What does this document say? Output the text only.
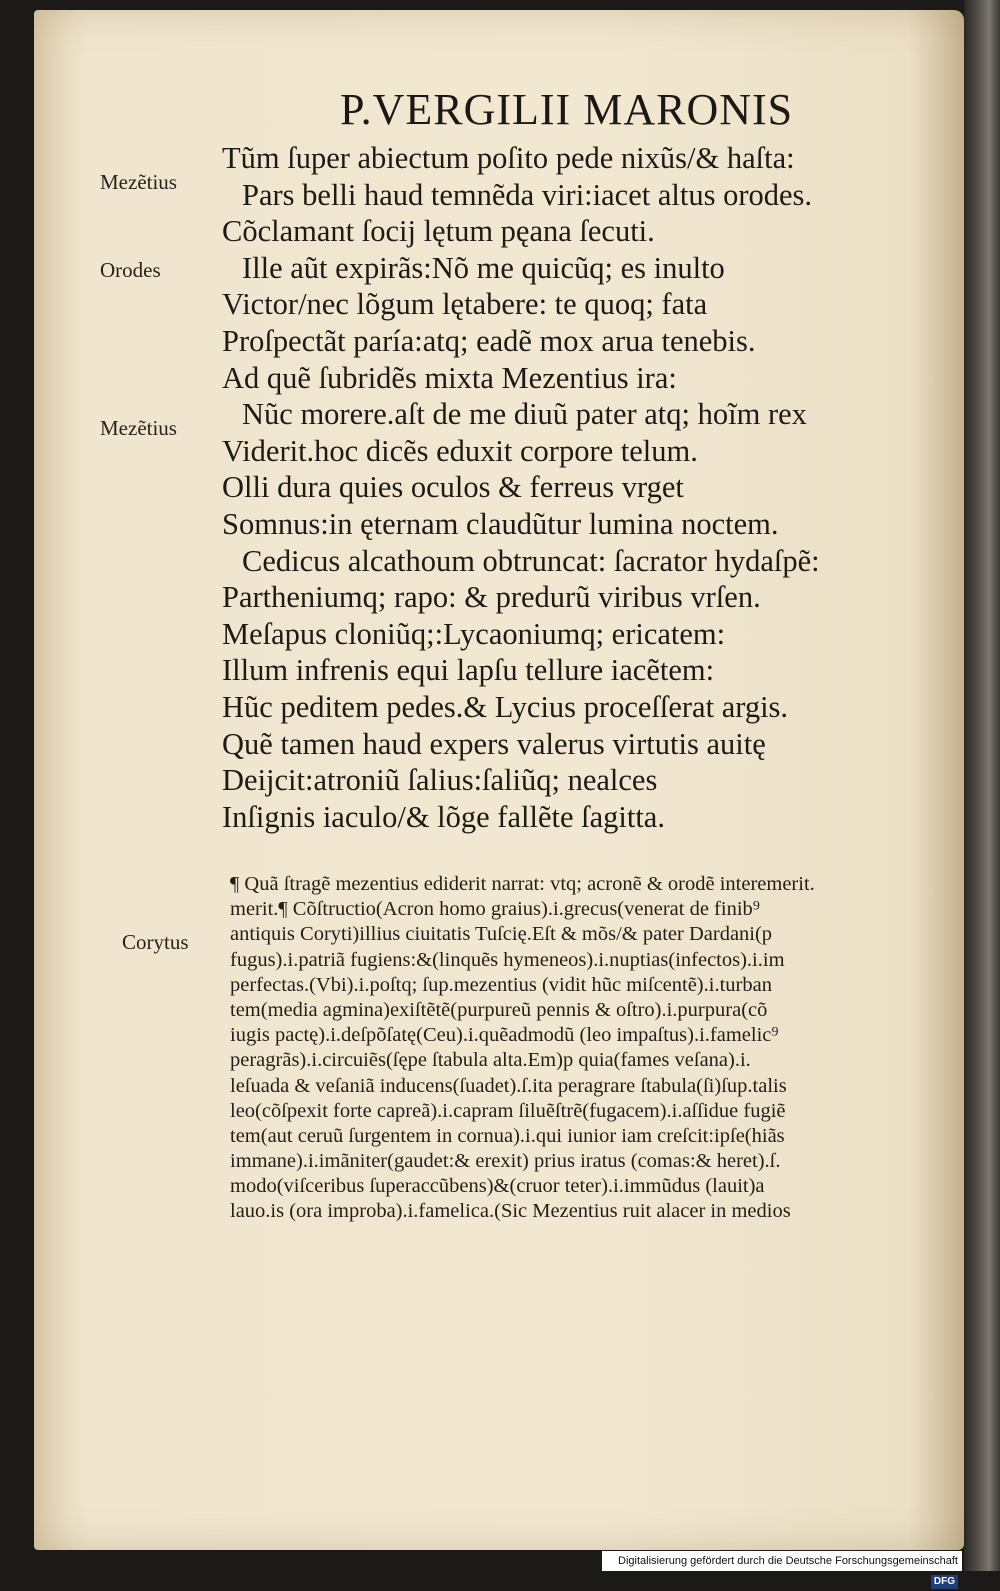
P.VERGILII MARONIS
Mezẽtius
Orodes
Mezẽtius
Corytus
Tũm ſuper abiectum poſito pede nixũs/& haſta:
Pars belli haud temnẽda viri:iacet altus orodes.
Cõclamant ſocij lętum pęana ſecuti.
Ille aũt expirãs:Nõ me quicũq; es inulto
Victor/nec lõgum lętabere: te quoq; fata
Proſpectãt paría:atq; eadẽ mox arua tenebis.
Ad quẽ ſubridẽs mixta Mezentius ira:
Nũc morere.aſt de me diuũ pater atq; hoĩm rex
Viderit.hoc dicẽs eduxit corpore telum.
Olli dura quies oculos & ferreus vrget
Somnus:in ęternam claudũtur lumina noctem.
Cedicus alcathoum obtruncat: ſacrator hydaſpẽ:
Partheniumq; rapo: & predurũ viribus vrſen.
Meſapus cloniũq;:Lycaoniumq; ericatem:
Illum infrenis equi lapſu tellure iacẽtem:
Hũc peditem pedes.& Lycius proceſſerat argis.
Quẽ tamen haud expers valerus virtutis auitę
Deijcit:atroniũ ſalius:ſaliũq; nealces
Inſignis iaculo/& lõge fallẽte ſagitta.
¶ Quã ſtragẽ mezentius ediderit narrat: vtq; acronẽ & orodẽ interemerit.
merit.¶ Cõſtructio(Acron homo graius).i.grecus(venerat de finib⁹
antiquis Coryti)illius ciuitatis Tuſcię.Eſt & mõs/& pater Dardani(p
fugus).i.patriã fugiens:&(linquẽs hymeneos).i.nuptias(infectos).i.im
perfectas.(Vbi).i.poſtq; ſup.mezentius (vidit hũc miſcentẽ).i.turban
tem(media agmina)exiſtẽtẽ(purpureũ pennis & oſtro).i.purpura(cõ
iugis pactę).i.deſpõſatę(Ceu).i.quẽadmodũ (leo impaſtus).i.famelic⁹
peragrãs).i.circuiẽs(ſępe ſtabula alta.Em)p quia(fames veſana).i.
leſuada & veſaniã inducens(ſuadet).ſ.ita peragrare ſtabula(ſi)ſup.talis
leo(cõſpexit forte capreã).i.capram ſiluẽſtrẽ(fugacem).i.aſſidue fugiẽ
tem(aut ceruũ ſurgentem in cornua).i.qui iunior iam creſcit:ipſe(hiãs
immane).i.imãniter(gaudet:& erexit) prius iratus (comas:& heret).ſ.
modo(viſceribus ſuperaccũbens)&(cruor teter).i.immũdus (lauit)a
lauo.is (ora improba).i.famelica.(Sic Mezentius ruit alacer in medios
Digitalisierung gefördert durch die Deutsche ForschungsgemeinschaftDFG
